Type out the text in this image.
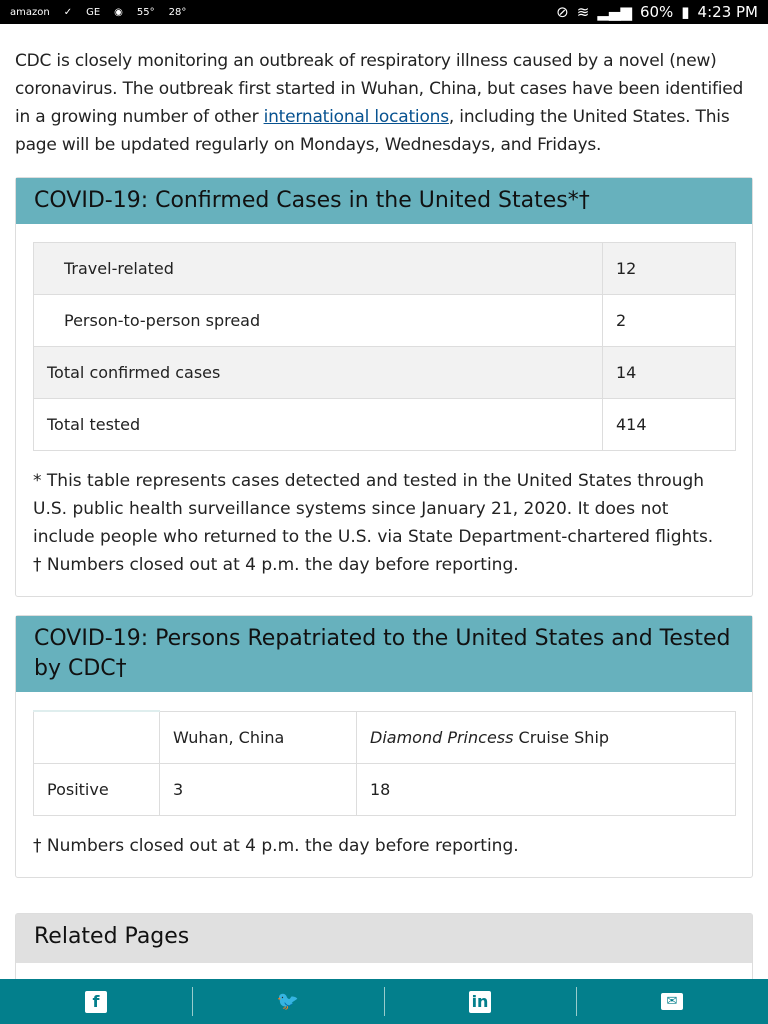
amazon ✓ GE ◉ 55° 28°	⊘ ≋ ▂▄▆ 60% ▮ 4:23 PM

CDC is closely monitoring an outbreak of respiratory illness caused by a novel (new) coronavirus. The outbreak first started in Wuhan, China, but cases have been identified in a growing number of other international locations, including the United States. This page will be updated regularly on Mondays, Wednesdays, and Fridays.

COVID-19: Confirmed Cases in the United States*†
Travel-related	12
Person-to-person spread	2
Total confirmed cases	14
Total tested	414
* This table represents cases detected and tested in the United States through U.S. public health surveillance systems since January 21, 2020. It does not include people who returned to the U.S. via State Department-chartered flights.
† Numbers closed out at 4 p.m. the day before reporting.
COVID-19: Persons Repatriated to the United States and Tested by CDC†
	Wuhan, China	Diamond Princess Cruise Ship
Positive	3	18
† Numbers closed out at 4 p.m. the day before reporting.
Related Pages
f	🐦	in	✉
